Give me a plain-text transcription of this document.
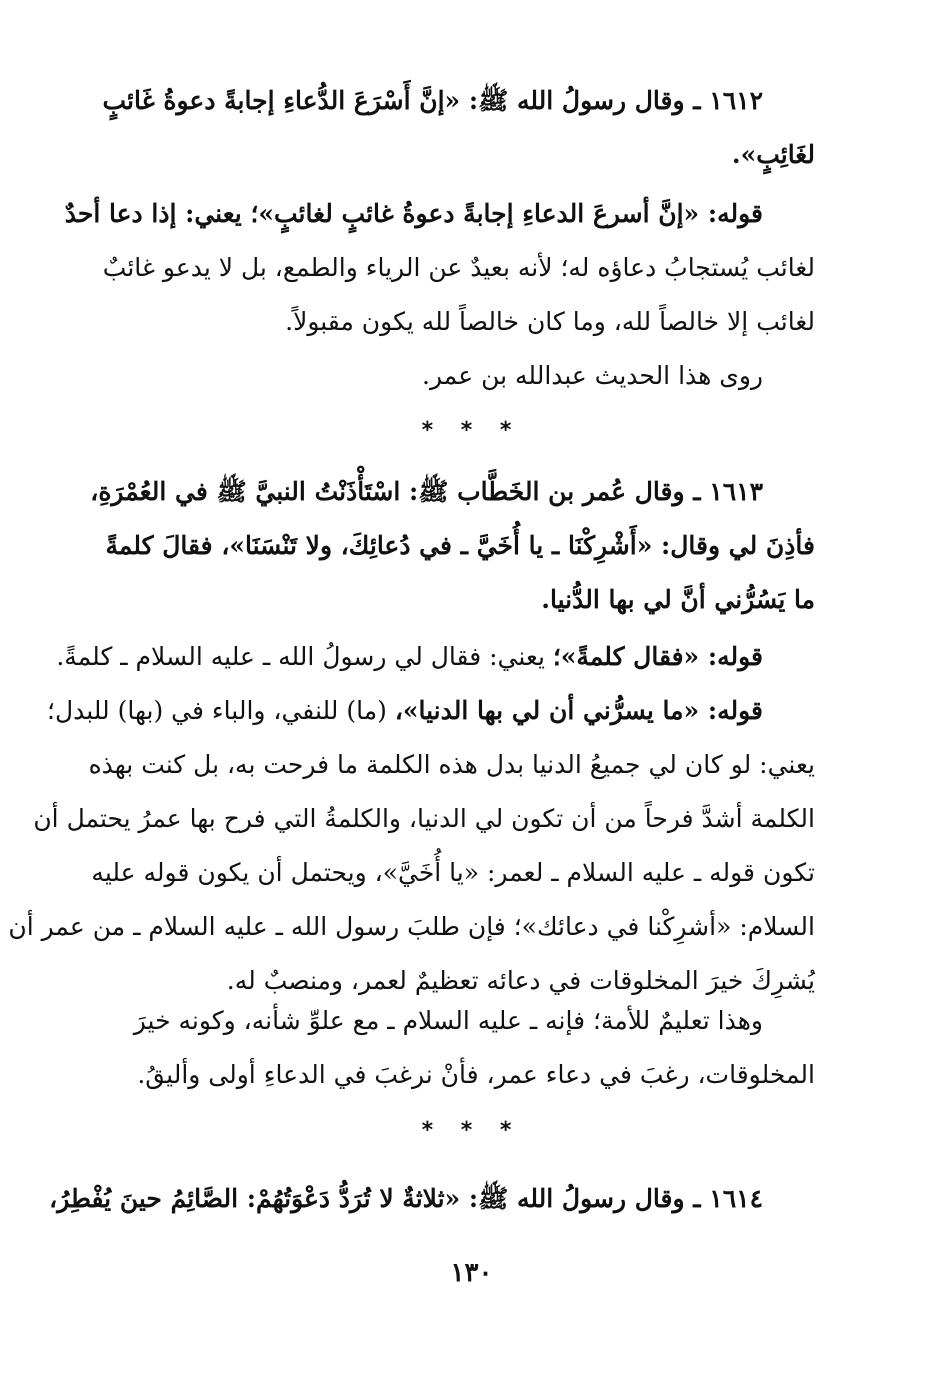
١٦١٢ ـ وقال رسولُ الله ﷺ: «إنَّ أَسْرَعَ الدُّعاءِ إجابةً دعوةُ غَائبٍ
لغَائِبٍ».
قوله: «إنَّ أسرعَ الدعاءِ إجابةً دعوةُ غائبٍ لغائبٍ»؛ يعني: إذا دعا أحدٌ
لغائب يُستجابُ دعاؤه له؛ لأنه بعيدٌ عن الرياء والطمع، بل لا يدعو غائبٌ
لغائب إلا خالصاً لله، وما كان خالصاً لله يكون مقبولاً.
روى هذا الحديث عبدالله بن عمر.
* * *
١٦١٣ ـ وقال عُمر بن الخَطَّاب ﷺ: اسْتَأْذَنْتُ النبيَّ ﷺ في العُمْرَةِ،
فأذِنَ لي وقال: «أَشْرِكْنَا ـ يا أُخَيَّ ـ في دُعائِكَ، ولا تَنْسَنَا»، فقالَ كلمةً
ما يَسُرُّني أنَّ لي بها الدُّنيا.
قوله: «فقال كلمةً»؛ يعني: فقال لي رسولُ الله ـ عليه السلام ـ كلمةً.
قوله: «ما يسرُّني أن لي بها الدنيا»، (ما) للنفي، والباء في (بها) للبدل؛
يعني: لو كان لي جميعُ الدنيا بدل هذه الكلمة ما فرحت به، بل كنت بهذه
الكلمة أشدَّ فرحاً من أن تكون لي الدنيا، والكلمةُ التي فرح بها عمرُ يحتمل أن
تكون قوله ـ عليه السلام ـ لعمر: «يا أُخَيَّ»، ويحتمل أن يكون قوله عليه
السلام: «أشرِكْنا في دعائك»؛ فإن طلبَ رسول الله ـ عليه السلام ـ من عمر أن
يُشرِكَ خيرَ المخلوقات في دعائه تعظيمٌ لعمر، ومنصبٌ له.
وهذا تعليمٌ للأمة؛ فإنه ـ عليه السلام ـ مع علوِّ شأنه، وكونه خيرَ
المخلوقات، رغبَ في دعاء عمر، فأنْ نرغبَ في الدعاءِ أولى وأليقُ.
* * *
١٦١٤ ـ وقال رسولُ الله ﷺ: «ثلاثةٌ لا تُرَدُّ دَعْوَتُهُمْ: الصَّائِمُ حينَ يُفْطِرُ،
١٣٠
